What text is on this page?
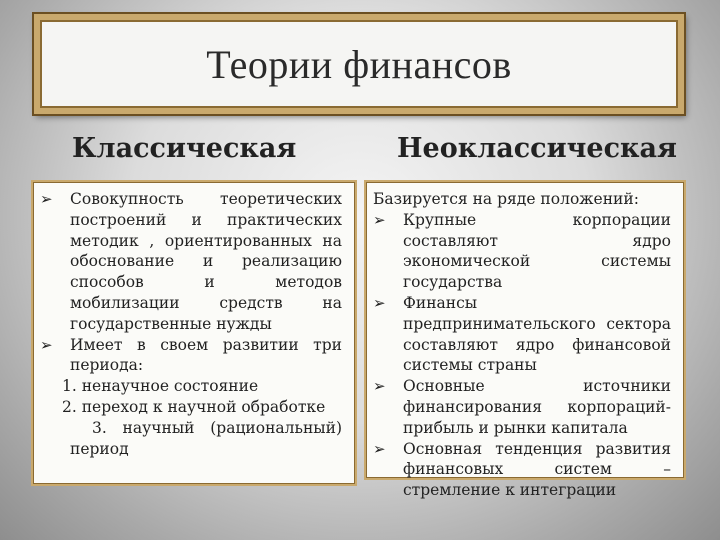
Теории финансов
Классическая	Неоклассическая
➢	Совокупность теоретических построений и практических методик , ориентированных на обоснование и реализацию способов и методов мобилизации средств на государственные нужды
➢	Имеет в своем развитии три периода:

1. ненаучное состояние

2. переход к научной обработке

3. научный (рациональный) период

Базируется на ряде положений:

➢	Крупные корпорации составляют ядро экономической системы государства
➢	Финансы предпринимательского сектора составляют ядро финансовой системы страны
➢	Основные источники финансирования корпораций- прибыль и рынки капитала
➢	Основная тенденция развития финансовых систем – стремление к интеграции
